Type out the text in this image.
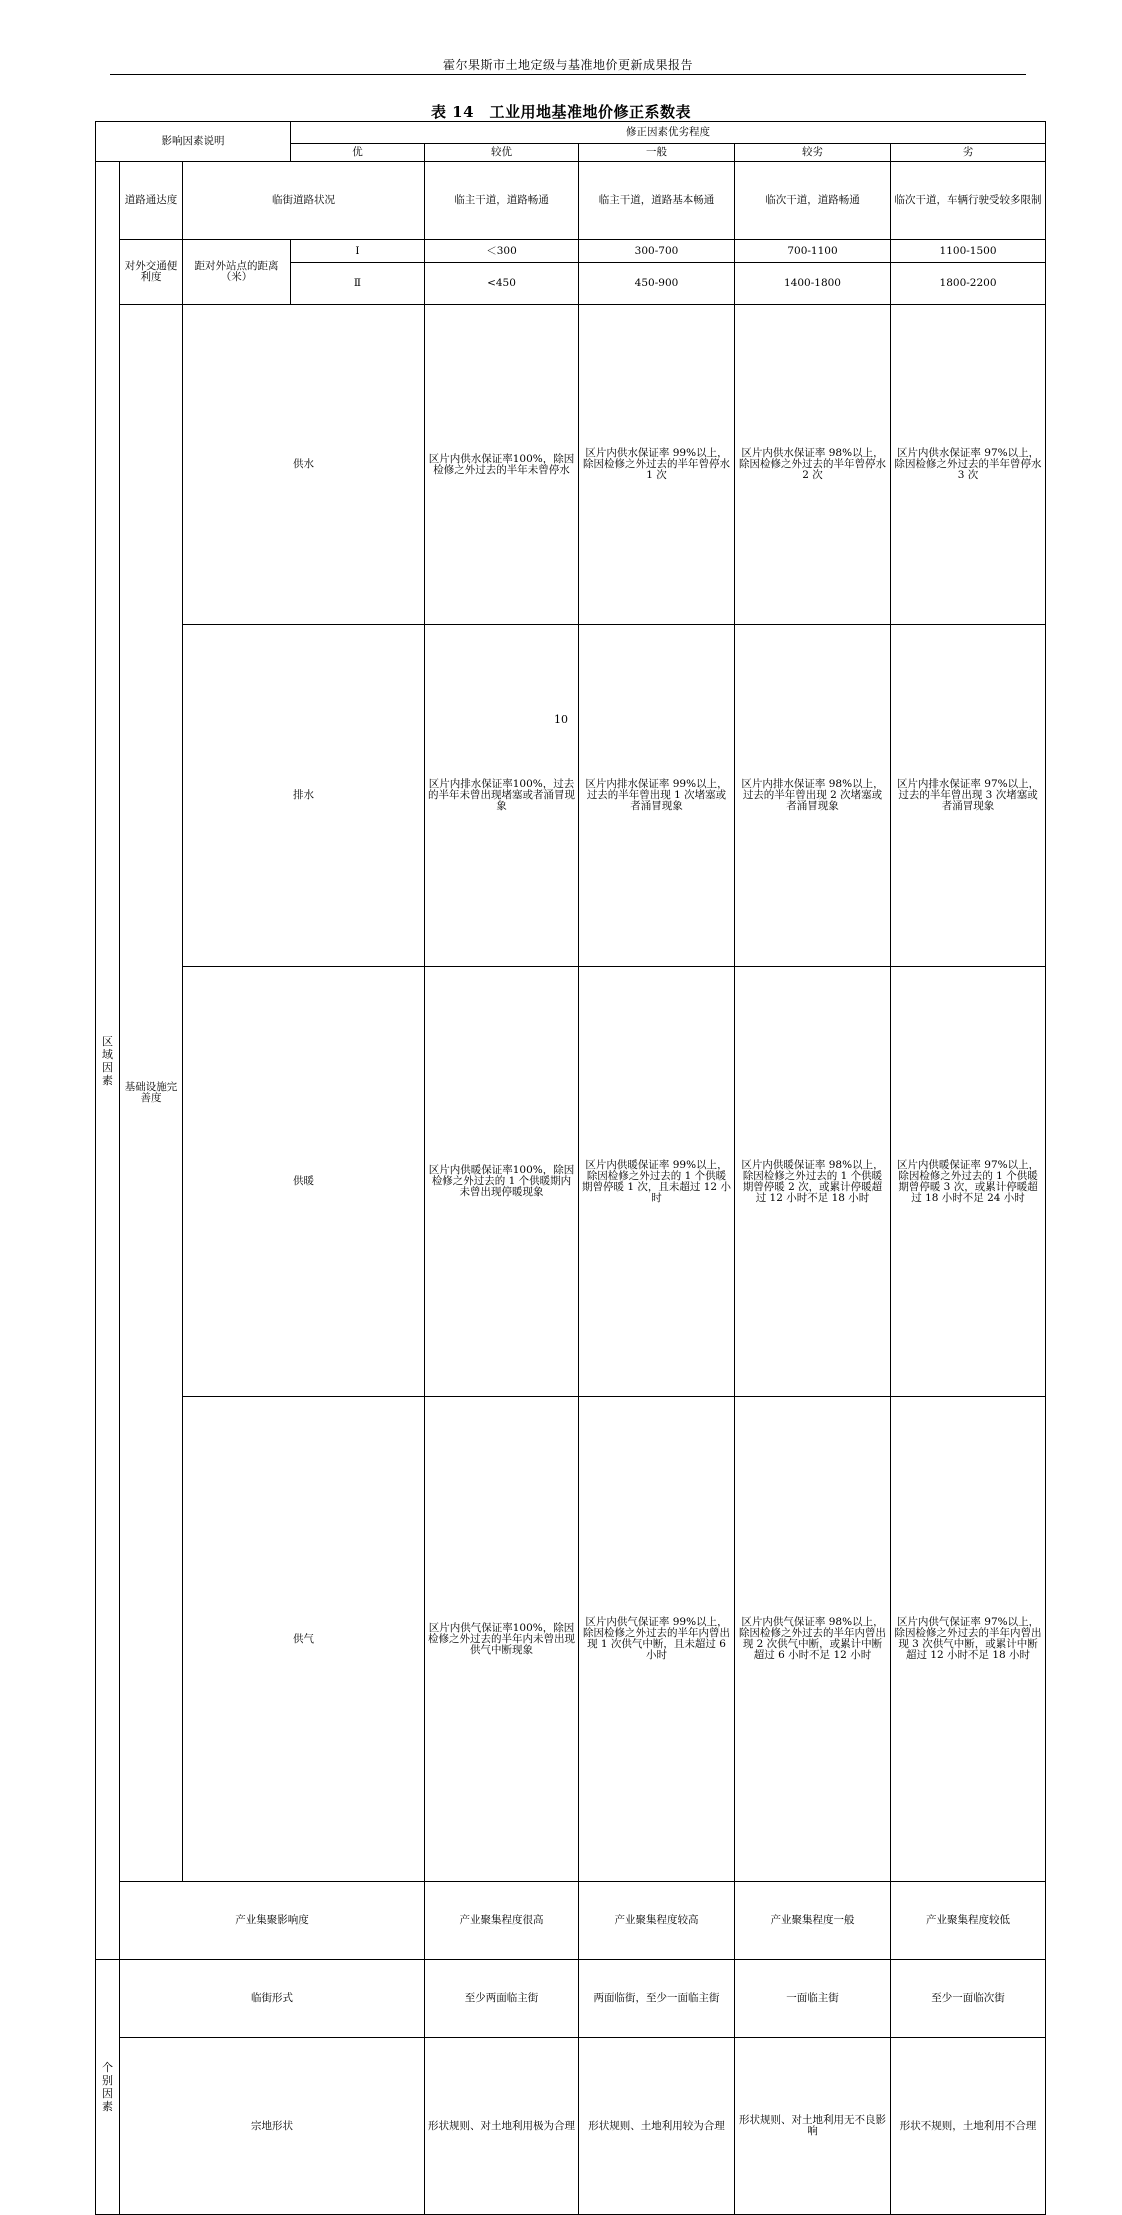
霍尔果斯市土地定级与基准地价更新成果报告
表 14　工业用地基准地价修正系数表
影响因素说明			修正因素优劣程度					
			优	较优	一般	较劣	劣	

区域因素	道路通达度	临街道路状况		临主干道，道路畅通	临主干道，道路基本畅通	临次干道，道路畅通	临次干道，车辆行驶受较多限制	
	对外交通便利度	距对外站点的距离（米）	Ⅰ	＜300	300-700	700-1100	1100-1500	
			Ⅱ	<450	450-900	1400-1800	1800-2200	
	基础设施完善度	供水		区片内供水保证率100%，除因检修之外过去的半年未曾停水	区片内供水保证率 99%以上，除因检修之外过去的半年曾停水 1 次	区片内供水保证率 98%以上，除因检修之外过去的半年曾停水 2 次	区片内供水保证率 97%以上，除因检修之外过去的半年曾停水 3 次	
		排水		区片内排水保证率100%，过去的半年未曾出现堵塞或者涌冒现象	区片内排水保证率 99%以上，过去的半年曾出现 1 次堵塞或者涌冒现象	区片内排水保证率 98%以上，过去的半年曾出现 2 次堵塞或者涌冒现象	区片内排水保证率 97%以上，过去的半年曾出现 3 次堵塞或者涌冒现象	
		供暖		区片内供暖保证率100%，除因检修之外过去的 1 个供暖期内未曾出现停暖现象	区片内供暖保证率 99%以上，除因检修之外过去的 1 个供暖期曾停暖 1 次，且未超过 12 小时	区片内供暖保证率 98%以上，除因检修之外过去的 1 个供暖期曾停暖 2 次，或累计停暖超过 12 小时不足 18 小时	区片内供暖保证率 97%以上，除因检修之外过去的 1 个供暖期曾停暖 3 次，或累计停暖超过 18 小时不足 24 小时	
		供气		区片内供气保证率100%，除因检修之外过去的半年内未曾出现供气中断现象	区片内供气保证率 99%以上，除因检修之外过去的半年内曾出现 1 次供气中断，且未超过 6 小时	区片内供气保证率 98%以上，除因检修之外过去的半年内曾出现 2 次供气中断，或累计中断超过 6 小时不足 12 小时	区片内供气保证率 97%以上，除因检修之外过去的半年内曾出现 3 次供气中断，或累计中断超过 12 小时不足 18 小时	
	产业集聚影响度			产业聚集程度很高	产业聚集程度较高	产业聚集程度一般	产业聚集程度较低	

个别因素	临街形式			至少两面临主街	两面临街，至少一面临主街	一面临主街	至少一面临次街	
	宗地形状			形状规则、对土地利用极为合理	形状规则、土地利用较为合理	形状规则、对土地利用无不良影响	形状不规则，土地利用不合理	
10
